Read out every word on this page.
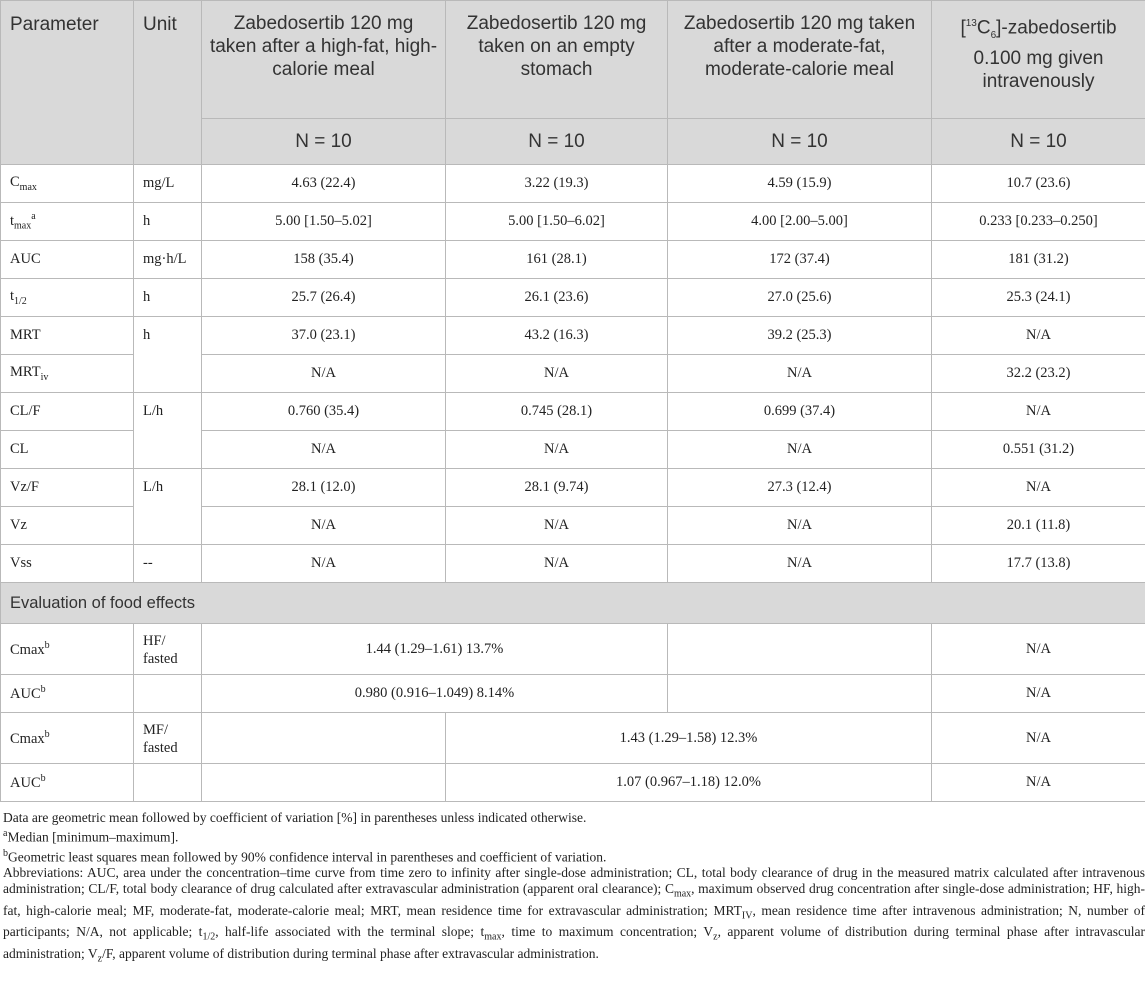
Parameter	Unit	Zabedosertib 120 mg taken after a high-fat, high-calorie meal	Zabedosertib 120 mg taken on an empty stomach	Zabedosertib 120 mg taken after a moderate-fat, moderate-calorie meal	$[^{13}C_6]$-zabedosertib 0.100 mg given intravenously
		N = 10	N = 10	N = 10	N = 10
$C_{max}$	mg/L	4.63 (22.4)	3.22 (19.3)	4.59 (15.9)	10.7 (23.6)
$t_{max}^a$	h	5.00 [1.50–5.02]	5.00 [1.50–6.02]	4.00 [2.00–5.00]	0.233 [0.233–0.250]
AUC	mg·h/L	158 (35.4)	161 (28.1)	172 (37.4)	181 (31.2)
$t_{1/2}$	h	25.7 (26.4)	26.1 (23.6)	27.0 (25.6)	25.3 (24.1)
MRT	h	37.0 (23.1)	43.2 (16.3)	39.2 (25.3)	N/A
$MRT_{iv}$		N/A	N/A	N/A	32.2 (23.2)
CL/F	L/h	0.760 (35.4)	0.745 (28.1)	0.699 (37.4)	N/A
CL		N/A	N/A	N/A	0.551 (31.2)
Vz/F	L/h	28.1 (12.0)	28.1 (9.74)	27.3 (12.4)	N/A
Vz		N/A	N/A	N/A	20.1 (11.8)
Vss	--	N/A	N/A	N/A	17.7 (13.8)
Evaluation of food effects					
Cmax$^b$	HF/ fasted	1.44 (1.29–1.61) 13.7%			N/A
AUC$^b$		0.980 (0.916–1.049) 8.14%			N/A
Cmax$^b$	MF/ fasted		1.43 (1.29–1.58) 12.3%		N/A
AUC$^b$			1.07 (0.967–1.18) 12.0%		N/A

Data are geometric mean followed by coefficient of variation [%] in parentheses unless indicated otherwise.

$^a$Median [minimum–maximum].

$^b$Geometric least squares mean followed by 90% confidence interval in parentheses and coefficient of variation.

Abbreviations: AUC, area under the concentration–time curve from time zero to infinity after single-dose administration; CL, total body clearance of drug in the measured matrix calculated after intravenous administration; CL/F, total body clearance of drug calculated after extravascular administration (apparent oral clearance); $C_{max}$, maximum observed drug concentration after single-dose administration; HF, high-fat, high-calorie meal; MF, moderate-fat, moderate-calorie meal; MRT, mean residence time for extravascular administration; $MRT_{IV}$, mean residence time after intravenous administration; N, number of participants; N/A, not applicable; $t_{1/2}$, half-life associated with the terminal slope; $t_{max}$, time to maximum concentration; $V_z$, apparent volume of distribution during terminal phase after intravascular administration; $V_z/F$, apparent volume of distribution during terminal phase after extravascular administration.
